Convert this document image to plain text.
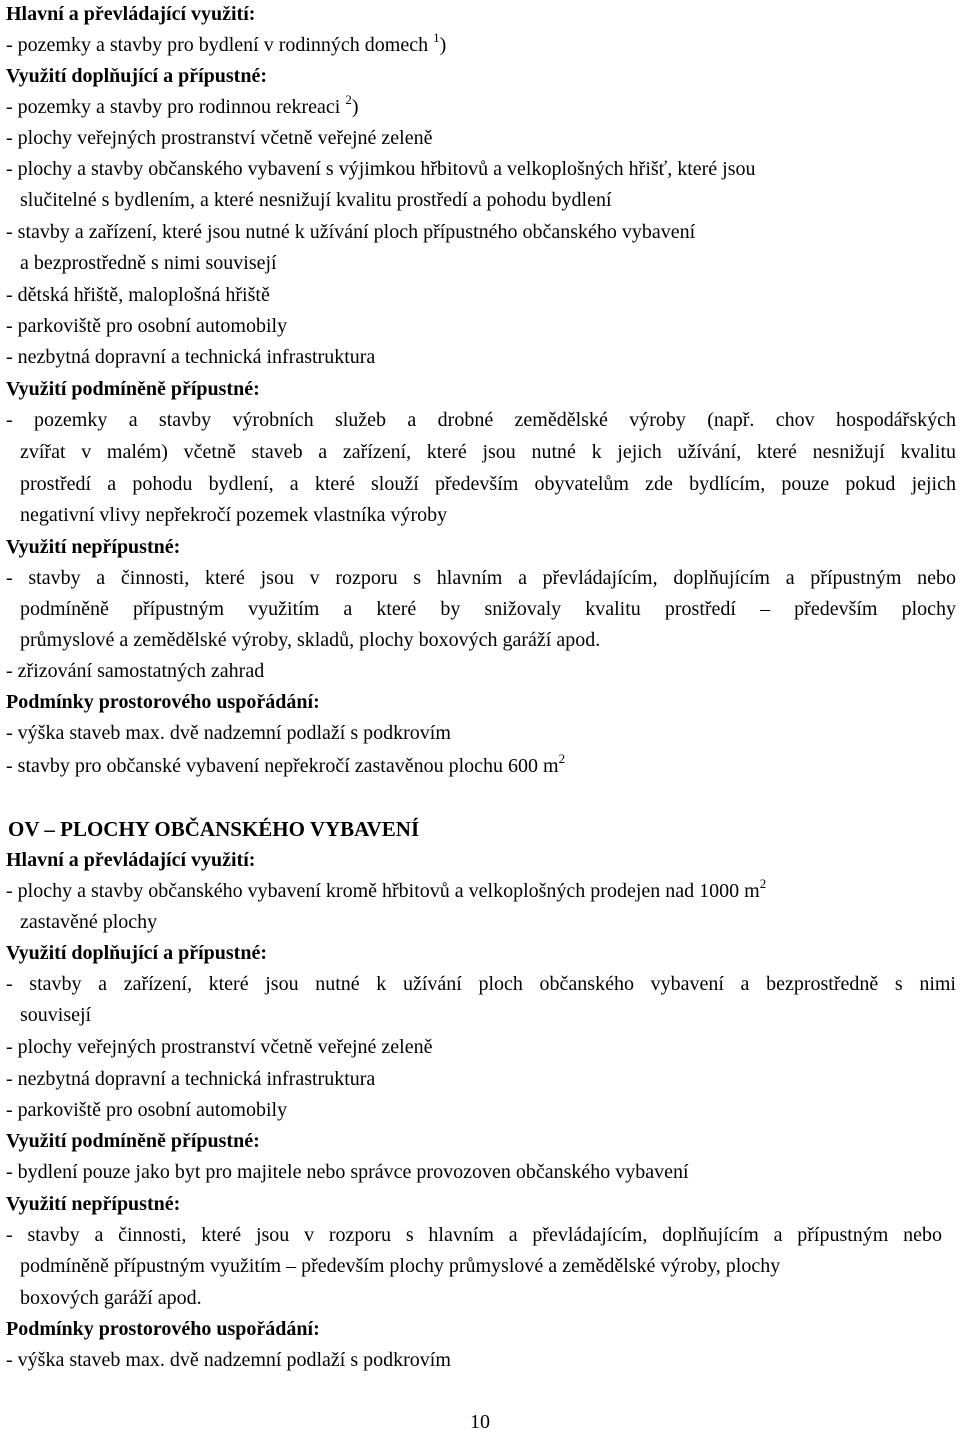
Hlavní a převládající využití:
- pozemky a stavby pro bydlení v rodinných domech $^1$)
Využití doplňující a přípustné:
- pozemky a stavby pro rodinnou rekreaci $^2$)
- plochy veřejných prostranství včetně veřejné zeleně
- plochy a stavby občanského vybavení s výjimkou hřbitovů a velkoplošných hřišť, které jsou
slučitelné s bydlením, a které nesnižují kvalitu prostředí a pohodu bydlení
- stavby a zařízení, které jsou nutné k užívání ploch přípustného občanského vybavení
a bezprostředně s nimi souvisejí
- dětská hřiště, maloplošná hřiště
- parkoviště pro osobní automobily
- nezbytná dopravní a technická infrastruktura
Využití podmíněně přípustné:
- pozemky a stavby výrobních služeb a drobné zemědělské výroby (např. chov hospodářských
zvířat v malém) včetně staveb a zařízení, které jsou nutné k jejich užívání, které nesnižují kvalitu
prostředí a pohodu bydlení, a které slouží především obyvatelům zde bydlícím, pouze pokud jejich
negativní vlivy nepřekročí pozemek vlastníka výroby
Využití nepřípustné:
- stavby a činnosti, které jsou v rozporu s hlavním a převládajícím, doplňujícím a přípustným nebo
podmíněně přípustným využitím a které by snižovaly kvalitu prostředí – především plochy
průmyslové a zemědělské výroby, skladů, plochy boxových garáží apod.
- zřizování samostatných zahrad
Podmínky prostorového uspořádání:
- výška staveb max. dvě nadzemní podlaží s podkrovím
- stavby pro občanské vybavení nepřekročí zastavěnou plochu 600 $m^2$
OV – PLOCHY OBČANSKÉHO VYBAVENÍ
Hlavní a převládající využití:
- plochy a stavby občanského vybavení kromě hřbitovů a velkoplošných prodejen nad 1000 $m^2$
zastavěné plochy
Využití doplňující a přípustné:
- stavby a zařízení, které jsou nutné k užívání ploch občanského vybavení a bezprostředně s nimi
souvisejí
- plochy veřejných prostranství včetně veřejné zeleně
- nezbytná dopravní a technická infrastruktura
- parkoviště pro osobní automobily
Využití podmíněně přípustné:
- bydlení pouze jako byt pro majitele nebo správce provozoven občanského vybavení
Využití nepřípustné:
- stavby a činnosti, které jsou v rozporu s hlavním a převládajícím, doplňujícím a přípustným nebo
podmíněně přípustným využitím – především plochy průmyslové a zemědělské výroby, plochy
boxových garáží apod.
Podmínky prostorového uspořádání:
- výška staveb max. dvě nadzemní podlaží s podkrovím
10
